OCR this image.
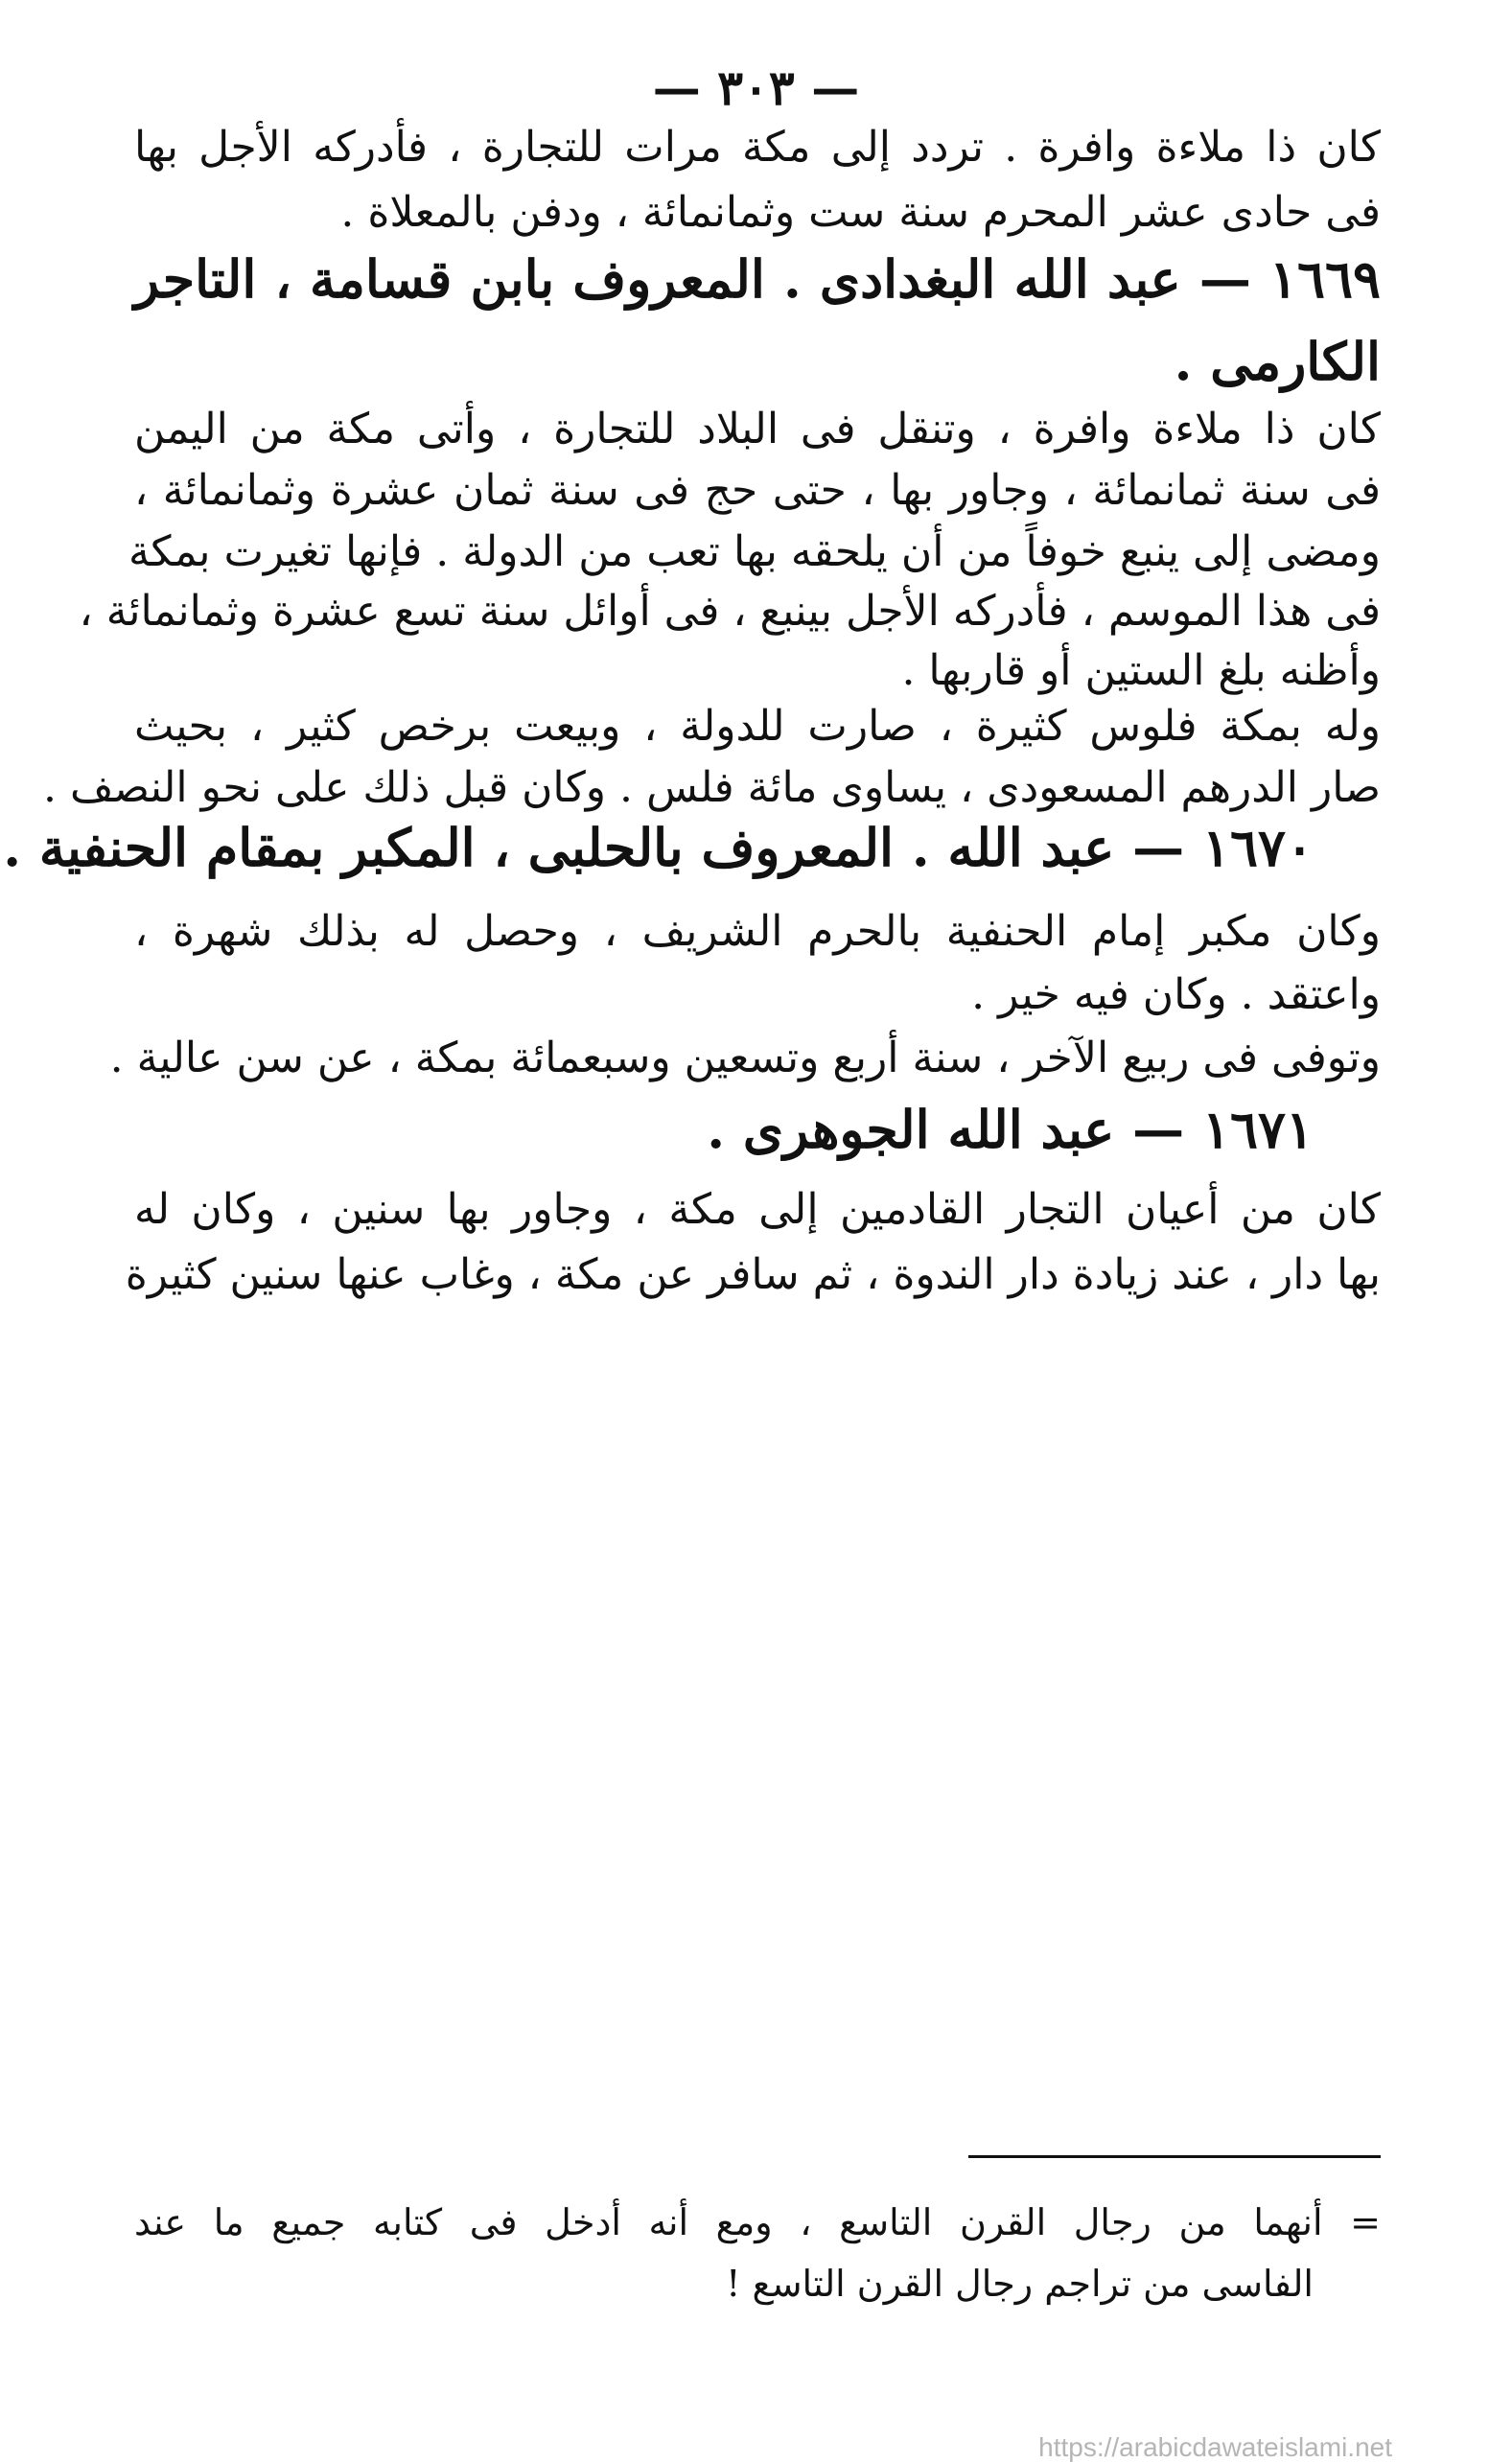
— ٣٠٣ —
كان ذا ملاءة وافرة . تردد إلى مكة مرات للتجارة ، فأدركه الأجل بها
فى حادى عشر المحرم سنة ست وثمانمائة ، ودفن بالمعلاة .
١٦٦٩ — عبد الله البغدادى . المعروف بابن قسامة ، التاجر
الكارمى .
كان ذا ملاءة وافرة ، وتنقل فى البلاد للتجارة ، وأتى مكة من اليمن
فى سنة ثمانمائة ، وجاور بها ، حتى حج فى سنة ثمان عشرة وثمانمائة ،
ومضى إلى ينبع خوفاً من أن يلحقه بها تعب من الدولة . فإنها تغيرت بمكة
فى هذا الموسم ، فأدركه الأجل بينبع ، فى أوائل سنة تسع عشرة وثمانمائة ،
وأظنه بلغ الستين أو قاربها .
وله بمكة فلوس كثيرة ، صارت للدولة ، وبيعت برخص كثير ، بحيث
صار الدرهم المسعودى ، يساوى مائة فلس . وكان قبل ذلك على نحو النصف .
١٦٧٠ — عبد الله . المعروف بالحلبى ، المكبر بمقام الحنفية .
وكان مكبر إمام الحنفية بالحرم الشريف ، وحصل له بذلك شهرة ،
واعتقد . وكان فيه خير .
وتوفى فى ربيع الآخر ، سنة أربع وتسعين وسبعمائة بمكة ، عن سن عالية .
١٦٧١ — عبد الله الجوهرى .
كان من أعيان التجار القادمين إلى مكة ، وجاور بها سنين ، وكان له
بها دار ، عند زيادة دار الندوة ، ثم سافر عن مكة ، وغاب عنها سنين كثيرة
= أنهما من رجال القرن التاسع ، ومع أنه أدخل فى كتابه جميع ما عند
الفاسى من تراجم رجال القرن التاسع !
https://arabicdawateislami.net
